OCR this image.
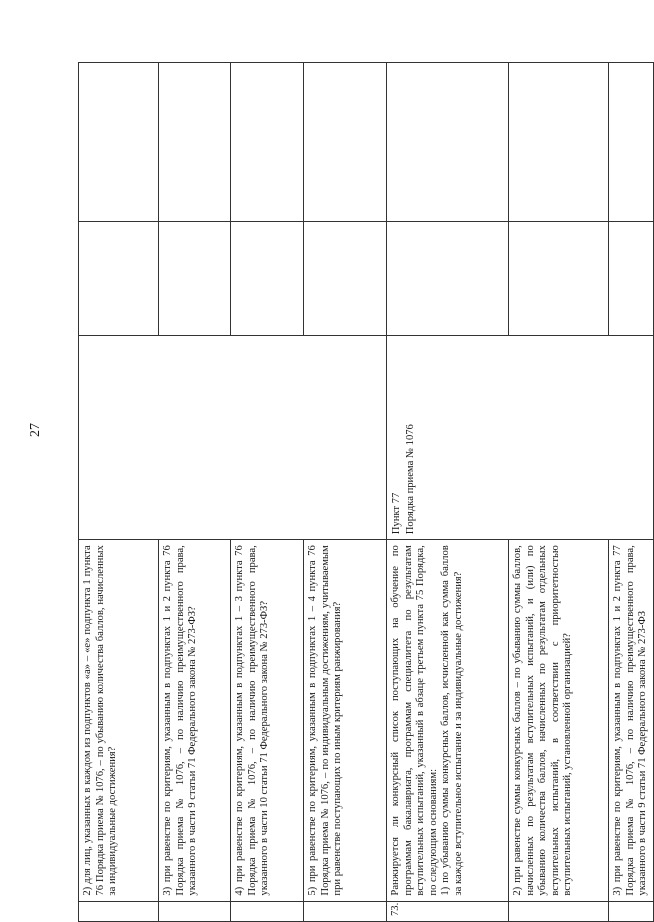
27
	2) для лиц, указанных в каждом из подпунктов «а» – «е» подпункта 1 пункта 76 Порядка приема № 1076, – по убыванию количества баллов, начисленных за индивидуальные достижения?			
	3) при равенстве по критериям, указанным в подпунктах 1 и 2 пункта 76 Порядка приема № 1076, – по наличию преимущественного права, указанного в части 9 статьи 71 Федерального закона № 273-ФЗ?			
	4) при равенстве по критериям, указанным в подпунктах 1 – 3 пункта 76 Порядка приема № 1076, – по наличию преимущественного права, указанного в части 10 статьи 71 Федерального закона № 273-ФЗ?			
	5) при равенстве по критериям, указанным в подпунктах 1 – 4 пункта 76 Порядка приема № 1076, – по индивидуальным достижениям, учитываемым при равенстве поступающих по иным критериям ранжирования?			
73.	Ранжируется ли конкурсный список поступающих на обучение по программам бакалавриата, программам специалитета по результатам вступительных испытаний, указанный в абзаце третьем пункта 75 Порядка, по следующим основаниям: 1) по убыванию суммы конкурсных баллов, исчисленной как сумма баллов за каждое вступительное испытание и за индивидуальные достижения?	Пункт 77 Порядка приема № 1076		

	2) при равенстве суммы конкурсных баллов – по убыванию суммы баллов, начисленных по результатам вступительных испытаний, и (или) по убыванию количества баллов, начисленных по результатам отдельных вступительных испытаний, в соответствии с приоритетностью вступительных испытаний, установленной организацией?			
	3) при равенстве по критериям, указанным в подпунктах 1 и 2 пункта 77 Порядка приема № 1076, – по наличию преимущественного права, указанного в части 9 статьи 71 Федерального закона № 273-ФЗ			
